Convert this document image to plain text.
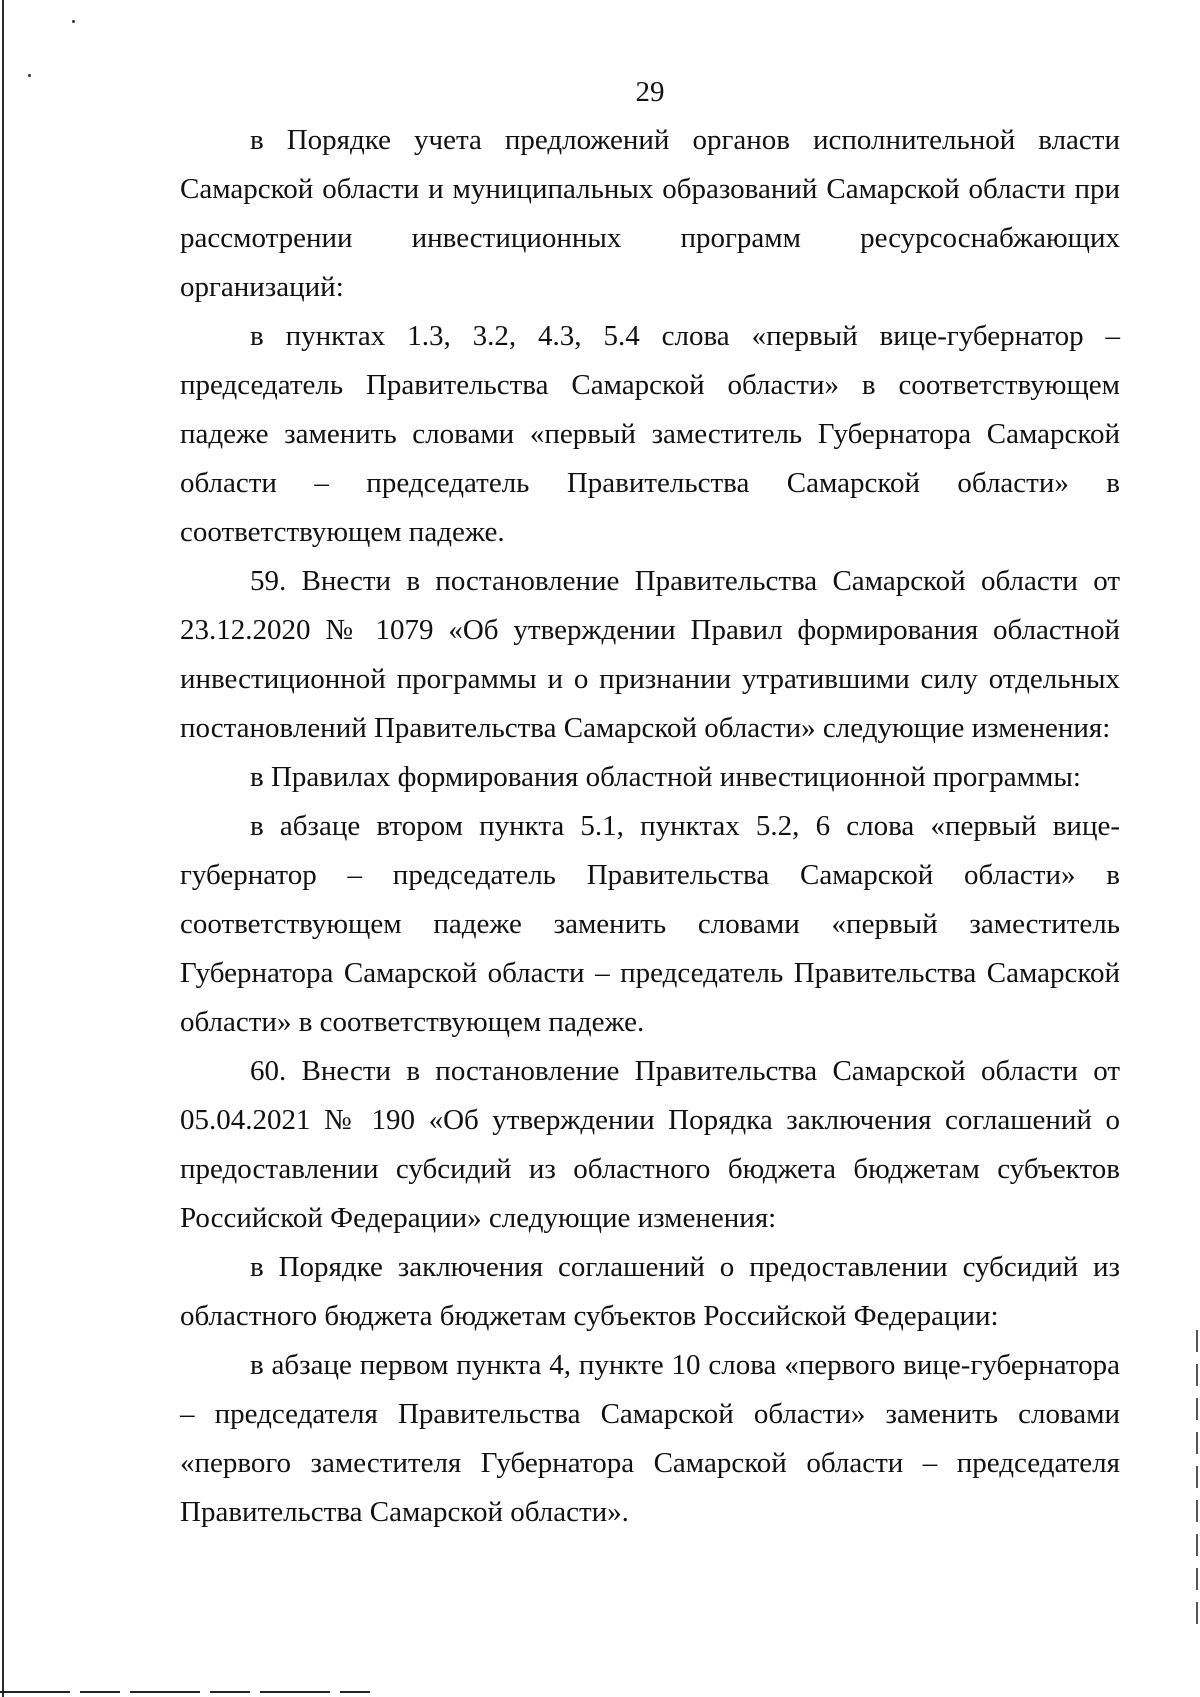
29

в Порядке учета предложений органов исполнительной власти Самарской области и муниципальных образований Самарской области при рассмотрении инвестиционных программ ресурсоснабжающих организаций:

в пунктах 1.3, 3.2, 4.3, 5.4 слова «первый вице-губернатор – председатель Правительства Самарской области» в соответствующем падеже заменить словами «первый заместитель Губернатора Самарской области – председатель Правительства Самарской области» в соответствующем падеже.

59. Внести в постановление Правительства Самарской области от 23.12.2020 № 1079 «Об утверждении Правил формирования областной инвестиционной программы и о признании утратившими силу отдельных постановлений Правительства Самарской области» следующие изменения:

в Правилах формирования областной инвестиционной программы:

в абзаце втором пункта 5.1, пунктах 5.2, 6 слова «первый вице-губернатор – председатель Правительства Самарской области» в соответствующем падеже заменить словами «первый заместитель Губернатора Самарской области – председатель Правительства Самарской области» в соответствующем падеже.

60. Внести в постановление Правительства Самарской области от 05.04.2021 № 190 «Об утверждении Порядка заключения соглашений о предоставлении субсидий из областного бюджета бюджетам субъектов Российской Федерации» следующие изменения:

в Порядке заключения соглашений о предоставлении субсидий из областного бюджета бюджетам субъектов Российской Федерации:

в абзаце первом пункта 4, пункте 10 слова «первого вице-губернатора – председателя Правительства Самарской области» заменить словами «первого заместителя Губернатора Самарской области – председателя Правительства Самарской области».
